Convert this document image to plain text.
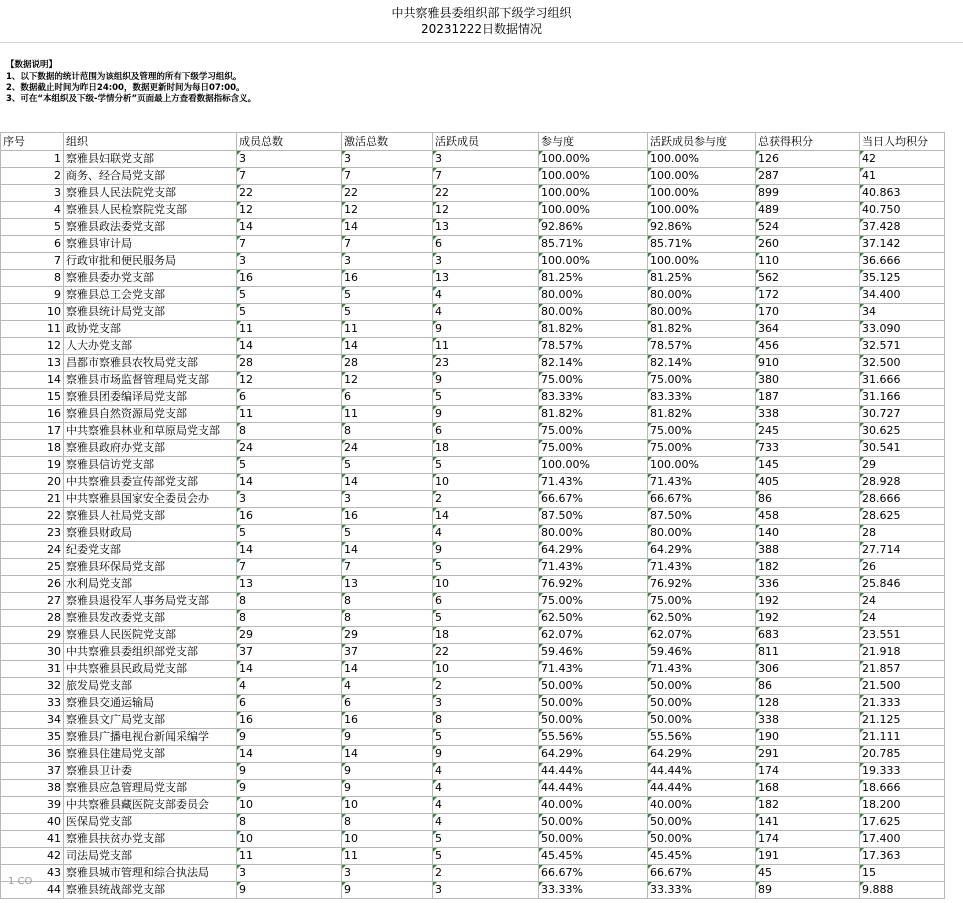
中共察雅县委组织部下级学习组织
20231222日数据情况
【数据说明】
1、以下数据的统计范围为该组织及管理的所有下级学习组织。
2、数据截止时间为昨日24:00，数据更新时间为每日07:00。
3、可在“本组织及下级-学情分析”页面最上方查看数据指标含义。
序号	组织	成员总数	激活总数	活跃成员	参与度	活跃成员参与度	总获得积分	当日人均积分
1	察雅县妇联党支部	3	3	3	100.00%	100.00%	126	42
2	商务、经合局党支部	7	7	7	100.00%	100.00%	287	41
3	察雅县人民法院党支部	22	22	22	100.00%	100.00%	899	40.863
4	察雅县人民检察院党支部	12	12	12	100.00%	100.00%	489	40.750
5	察雅县政法委党支部	14	14	13	92.86%	92.86%	524	37.428
6	察雅县审计局	7	7	6	85.71%	85.71%	260	37.142
7	行政审批和便民服务局	3	3	3	100.00%	100.00%	110	36.666
8	察雅县委办党支部	16	16	13	81.25%	81.25%	562	35.125
9	察雅县总工会党支部	5	5	4	80.00%	80.00%	172	34.400
10	察雅县统计局党支部	5	5	4	80.00%	80.00%	170	34
11	政协党支部	11	11	9	81.82%	81.82%	364	33.090
12	人大办党支部	14	14	11	78.57%	78.57%	456	32.571
13	昌都市察雅县农牧局党支部	28	28	23	82.14%	82.14%	910	32.500
14	察雅县市场监督管理局党支部	12	12	9	75.00%	75.00%	380	31.666
15	察雅县团委编译局党支部	6	6	5	83.33%	83.33%	187	31.166
16	察雅县自然资源局党支部	11	11	9	81.82%	81.82%	338	30.727
17	中共察雅县林业和草原局党支部	8	8	6	75.00%	75.00%	245	30.625
18	察雅县政府办党支部	24	24	18	75.00%	75.00%	733	30.541
19	察雅县信访党支部	5	5	5	100.00%	100.00%	145	29
20	中共察雅县委宣传部党支部	14	14	10	71.43%	71.43%	405	28.928
21	中共察雅县国家安全委员会办	3	3	2	66.67%	66.67%	86	28.666
22	察雅县人社局党支部	16	16	14	87.50%	87.50%	458	28.625
23	察雅县财政局	5	5	4	80.00%	80.00%	140	28
24	纪委党支部	14	14	9	64.29%	64.29%	388	27.714
25	察雅县环保局党支部	7	7	5	71.43%	71.43%	182	26
26	水利局党支部	13	13	10	76.92%	76.92%	336	25.846
27	察雅县退役军人事务局党支部	8	8	6	75.00%	75.00%	192	24
28	察雅县发改委党支部	8	8	5	62.50%	62.50%	192	24
29	察雅县人民医院党支部	29	29	18	62.07%	62.07%	683	23.551
30	中共察雅县委组织部党支部	37	37	22	59.46%	59.46%	811	21.918
31	中共察雅县民政局党支部	14	14	10	71.43%	71.43%	306	21.857
32	旅发局党支部	4	4	2	50.00%	50.00%	86	21.500
33	察雅县交通运输局	6	6	3	50.00%	50.00%	128	21.333
34	察雅县文广局党支部	16	16	8	50.00%	50.00%	338	21.125
35	察雅县广播电视台新闻采编学	9	9	5	55.56%	55.56%	190	21.111
36	察雅县住建局党支部	14	14	9	64.29%	64.29%	291	20.785
37	察雅县卫计委	9	9	4	44.44%	44.44%	174	19.333
38	察雅县应急管理局党支部	9	9	4	44.44%	44.44%	168	18.666
39	中共察雅县藏医院支部委员会	10	10	4	40.00%	40.00%	182	18.200
40	医保局党支部	8	8	4	50.00%	50.00%	141	17.625
41	察雅县扶贫办党支部	10	10	5	50.00%	50.00%	174	17.400
42	司法局党支部	11	11	5	45.45%	45.45%	191	17.363
43	察雅县城市管理和综合执法局	3	3	2	66.67%	66.67%	45	15
44	察雅县统战部党支部	9	9	3	33.33%	33.33%	89	9.888
1 CO
